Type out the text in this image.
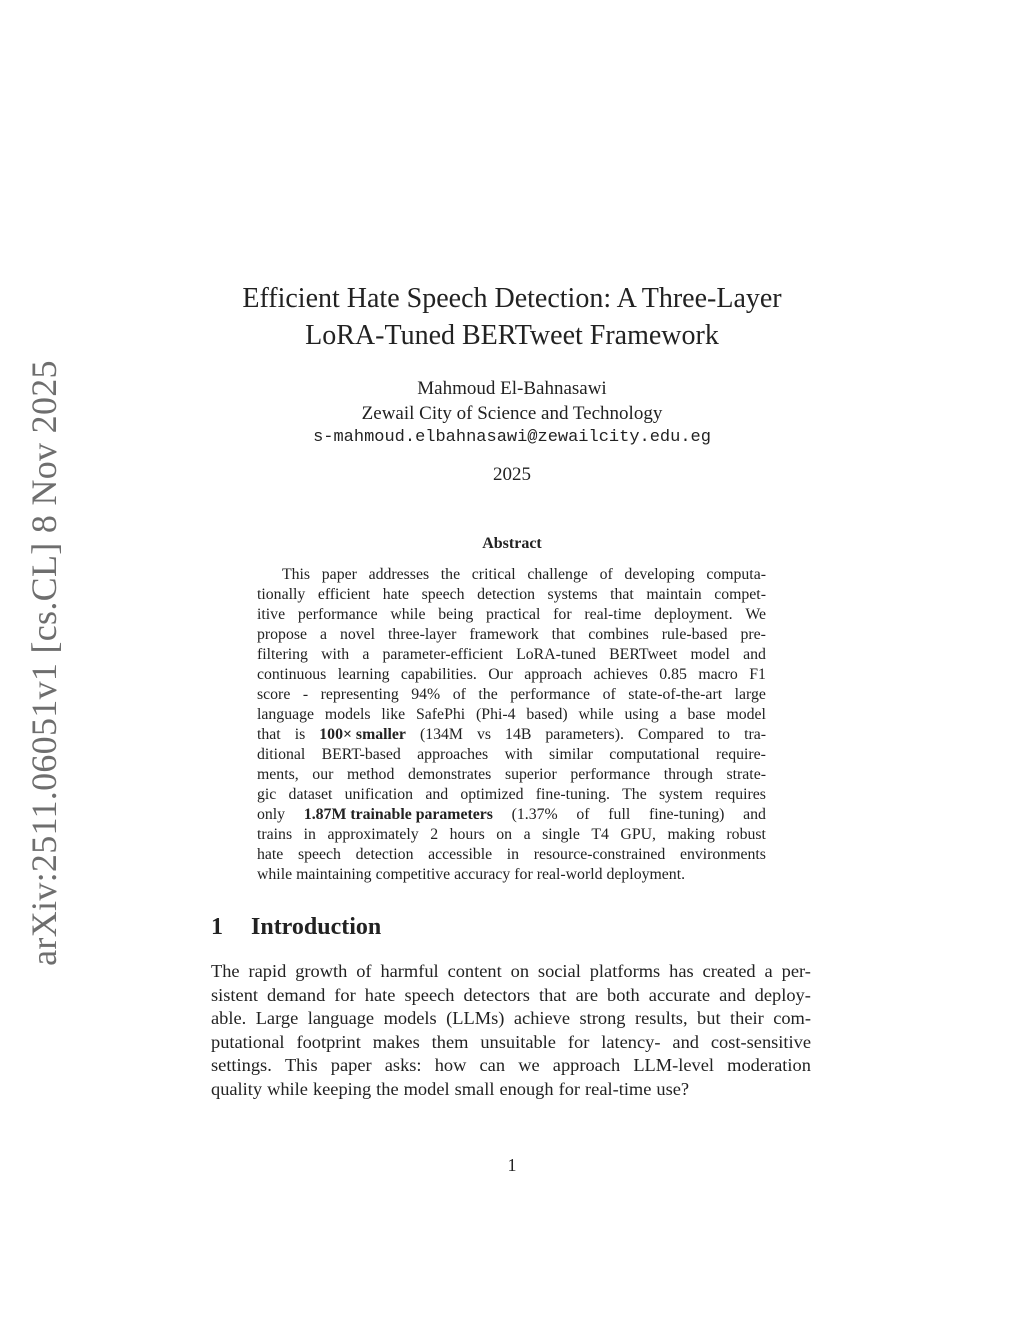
arXiv:2511.06051v1 [cs.CL] 8 Nov 2025
Efficient Hate Speech Detection: A Three-Layer
LoRA-Tuned BERTweet Framework
Mahmoud El-Bahnasawi
Zewail City of Science and Technology
s-mahmoud.elbahnasawi@zewailcity.edu.eg
2025
Abstract
This paper addresses the critical challenge of developing computa-
tionally efficient hate speech detection systems that maintain compet-
itive performance while being practical for real-time deployment. We
propose a novel three-layer framework that combines rule-based pre-
filtering with a parameter-efficient LoRA-tuned BERTweet model and
continuous learning capabilities. Our approach achieves 0.85 macro F1
score - representing 94% of the performance of state-of-the-art large
language models like SafePhi (Phi-4 based) while using a base model
that is 100× smaller (134M vs 14B parameters). Compared to tra-
ditional BERT-based approaches with similar computational require-
ments, our method demonstrates superior performance through strate-
gic dataset unification and optimized fine-tuning. The system requires
only 1.87M trainable parameters (1.37% of full fine-tuning) and
trains in approximately 2 hours on a single T4 GPU, making robust
hate speech detection accessible in resource-constrained environments
while maintaining competitive accuracy for real-world deployment.
1 Introduction
The rapid growth of harmful content on social platforms has created a per-
sistent demand for hate speech detectors that are both accurate and deploy-
able. Large language models (LLMs) achieve strong results, but their com-
putational footprint makes them unsuitable for latency- and cost-sensitive
settings. This paper asks: how can we approach LLM-level moderation
quality while keeping the model small enough for real-time use?
1
